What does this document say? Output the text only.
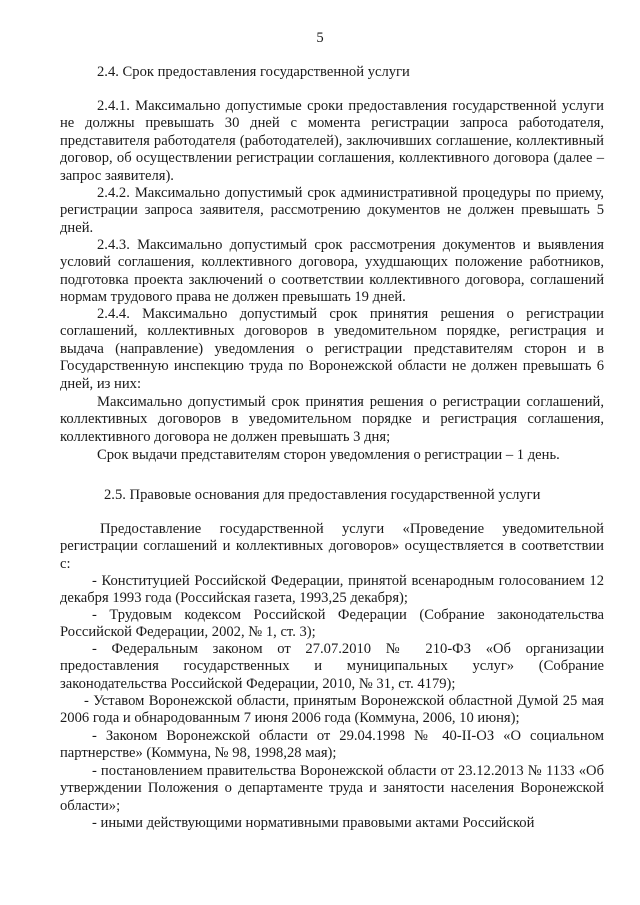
5
2.4. Срок предоставления государственной услуги
2.4.1. Максимально допустимые сроки предоставления государственной услуги не должны превышать 30 дней с момента регистрации запроса работодателя, представителя работодателя (работодателей), заключивших соглашение, коллективный договор, об осуществлении регистрации соглашения, коллективного договора (далее – запрос заявителя).
2.4.2. Максимально допустимый срок административной процедуры по приему, регистрации запроса заявителя, рассмотрению документов не должен превышать 5 дней.
2.4.3. Максимально допустимый срок рассмотрения документов и выявления условий соглашения, коллективного договора, ухудшающих положение работников, подготовка проекта заключений о соответствии коллективного договора, соглашений нормам трудового права не должен превышать 19 дней.
2.4.4. Максимально допустимый срок принятия решения о регистрации соглашений, коллективных договоров в уведомительном порядке, регистрация и выдача (направление) уведомления о регистрации представителям сторон и в Государственную инспекцию труда по Воронежской области не должен превышать 6 дней, из них:
Максимально допустимый срок принятия решения о регистрации соглашений, коллективных договоров в уведомительном порядке и регистрация соглашения, коллективного договора не должен превышать 3 дня;
Срок выдачи представителям сторон уведомления о регистрации – 1 день.
2.5. Правовые основания для предоставления государственной услуги
Предоставление государственной услуги «Проведение уведомительной регистрации соглашений и коллективных договоров» осуществляется в соответствии с:
- Конституцией Российской Федерации, принятой всенародным голосованием 12 декабря 1993 года (Российская газета, 1993,25 декабря);
- Трудовым кодексом Российской Федерации (Собрание законодательства Российской Федерации, 2002, № 1, ст. 3);
- Федеральным законом от 27.07.2010 № 210-ФЗ «Об организации предоставления государственных и муниципальных услуг» (Собрание законодательства Российской Федерации, 2010, № 31, ст. 4179);
- Уставом Воронежской области, принятым Воронежской областной Думой 25 мая 2006 года и обнародованным 7 июня 2006 года (Коммуна, 2006, 10 июня);
- Законом Воронежской области от 29.04.1998 № 40-II-ОЗ «О социальном партнерстве» (Коммуна, № 98, 1998,28 мая);
- постановлением правительства Воронежской области от 23.12.2013 № 1133 «Об утверждении Положения о департаменте труда и занятости населения Воронежской области»;
- иными действующими нормативными правовыми актами Российской
